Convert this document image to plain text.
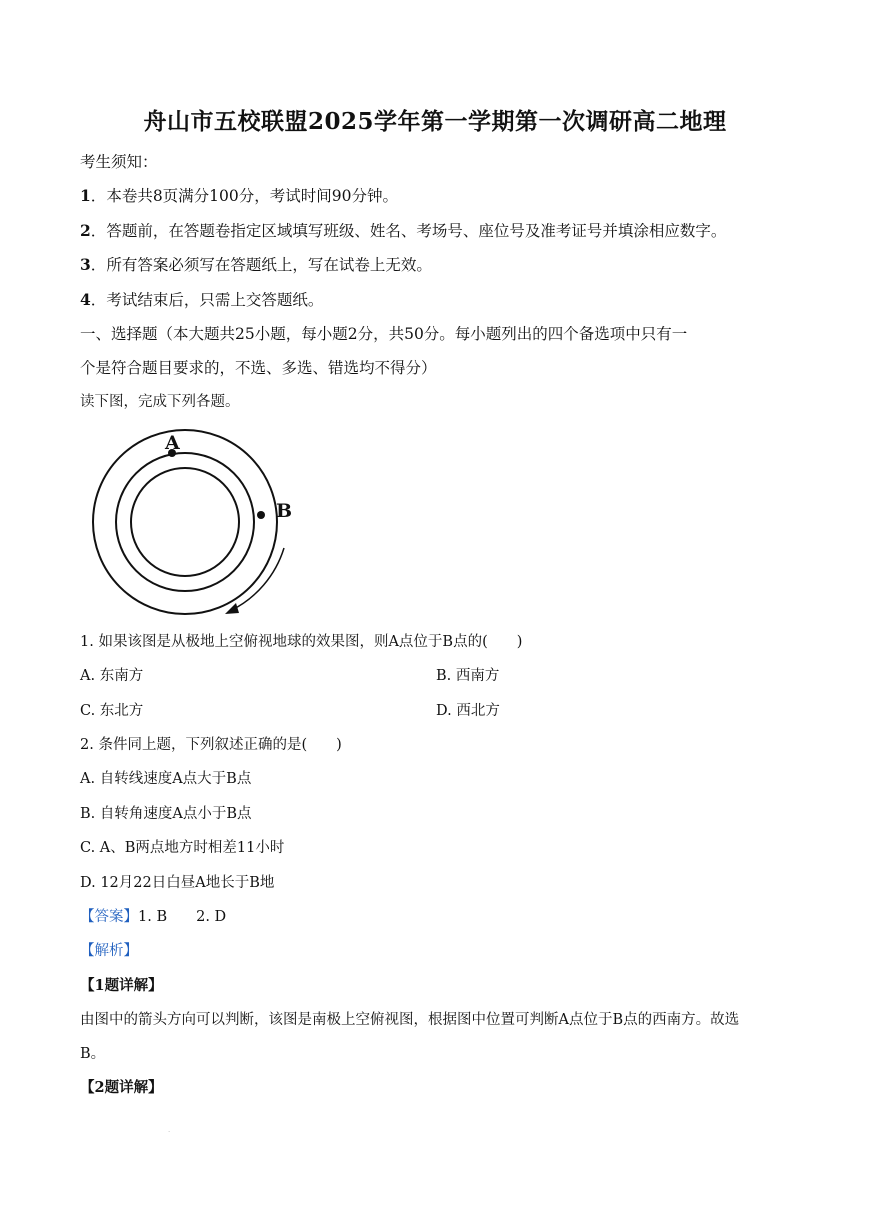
舟山市五校联盟2025学年第一学期第一次调研高二地理
考生须知：
1．本卷共8页满分100分，考试时间90分钟。
2．答题前，在答题卷指定区域填写班级、姓名、考场号、座位号及准考证号并填涂相应数字。
3．所有答案必须写在答题纸上，写在试卷上无效。
4．考试结束后，只需上交答题纸。
一、选择题（本大题共25小题，每小题2分，共50分。每小题列出的四个备选项中只有一
个是符合题目要求的，不选、多选、错选均不得分）
读下图，完成下列各题。
A
B
1. 如果该图是从极地上空俯视地球的效果图，则A点位于B点的(　　)
A. 东南方	B. 西南方
C. 东北方	D. 西北方
2. 条件同上题，下列叙述正确的是(　　)
A. 自转线速度A点大于B点
B. 自转角速度A点小于B点
C. A、B两点地方时相差11小时
D. 12月22日白昼A地长于B地
【答案】1. B　　2. D
【解析】
【1题详解】
由图中的箭头方向可以判断，该图是南极上空俯视图，根据图中位置可判断A点位于B点的西南方。故选
B。
【2题详解】
.
